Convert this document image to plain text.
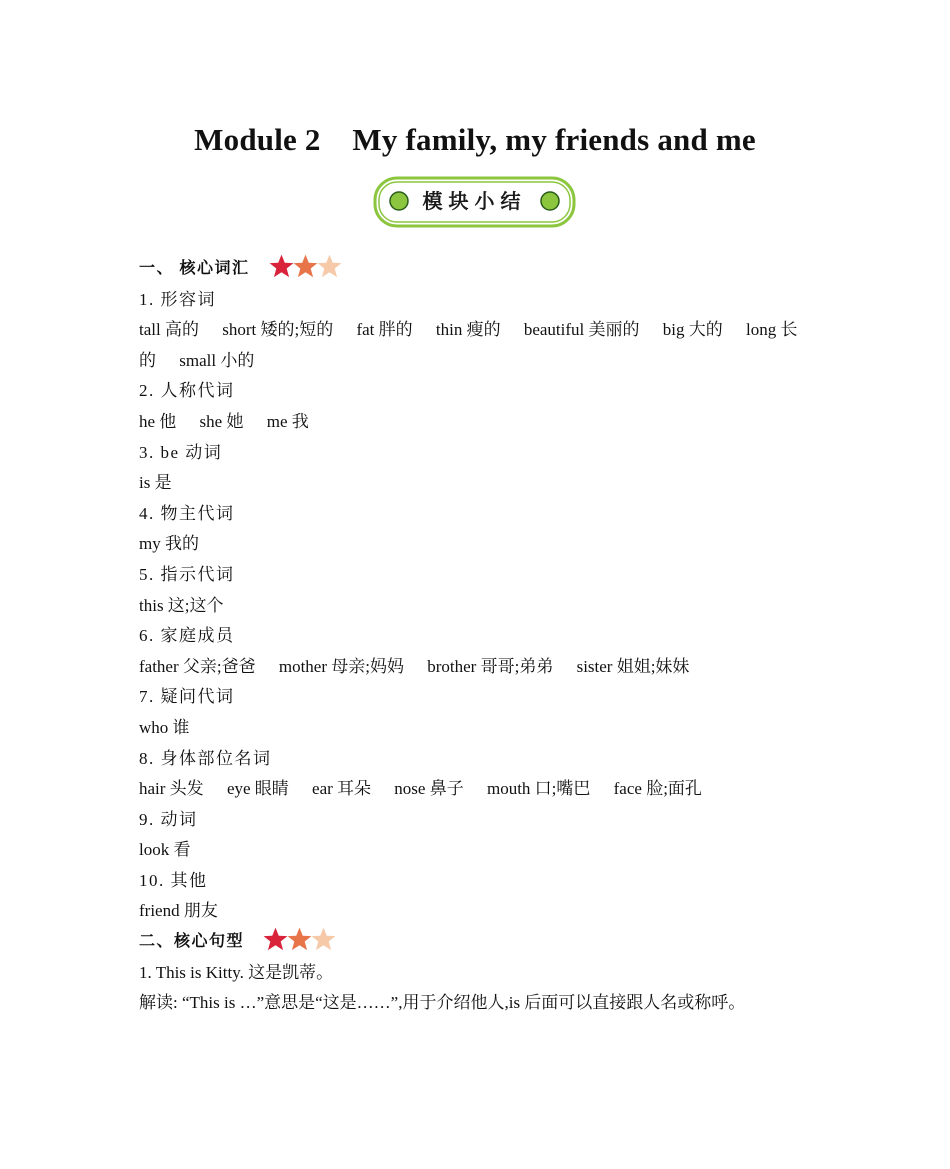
Module 2    My family, my friends and me
模块小结
一、 核心词汇
1. 形容词
tall 高的 short 矮的;短的 fat 胖的 thin 瘦的 beautiful 美丽的 big 大的 long 长
的 small 小的
2. 人称代词
he 他 she 她 me 我
3. be 动词
is 是
4. 物主代词
my 我的
5. 指示代词
this 这;这个
6. 家庭成员
father 父亲;爸爸 mother 母亲;妈妈 brother 哥哥;弟弟 sister 姐姐;妹妹
7. 疑问代词
who 谁
8. 身体部位名词
hair 头发 eye 眼睛 ear 耳朵 nose 鼻子 mouth 口;嘴巴 face 脸;面孔
9. 动词
look 看
10. 其他
friend 朋友
二、核心句型
1. This is Kitty. 这是凯蒂。
解读: “This is …”意思是“这是……”,用于介绍他人,is 后面可以直接跟人名或称呼。
